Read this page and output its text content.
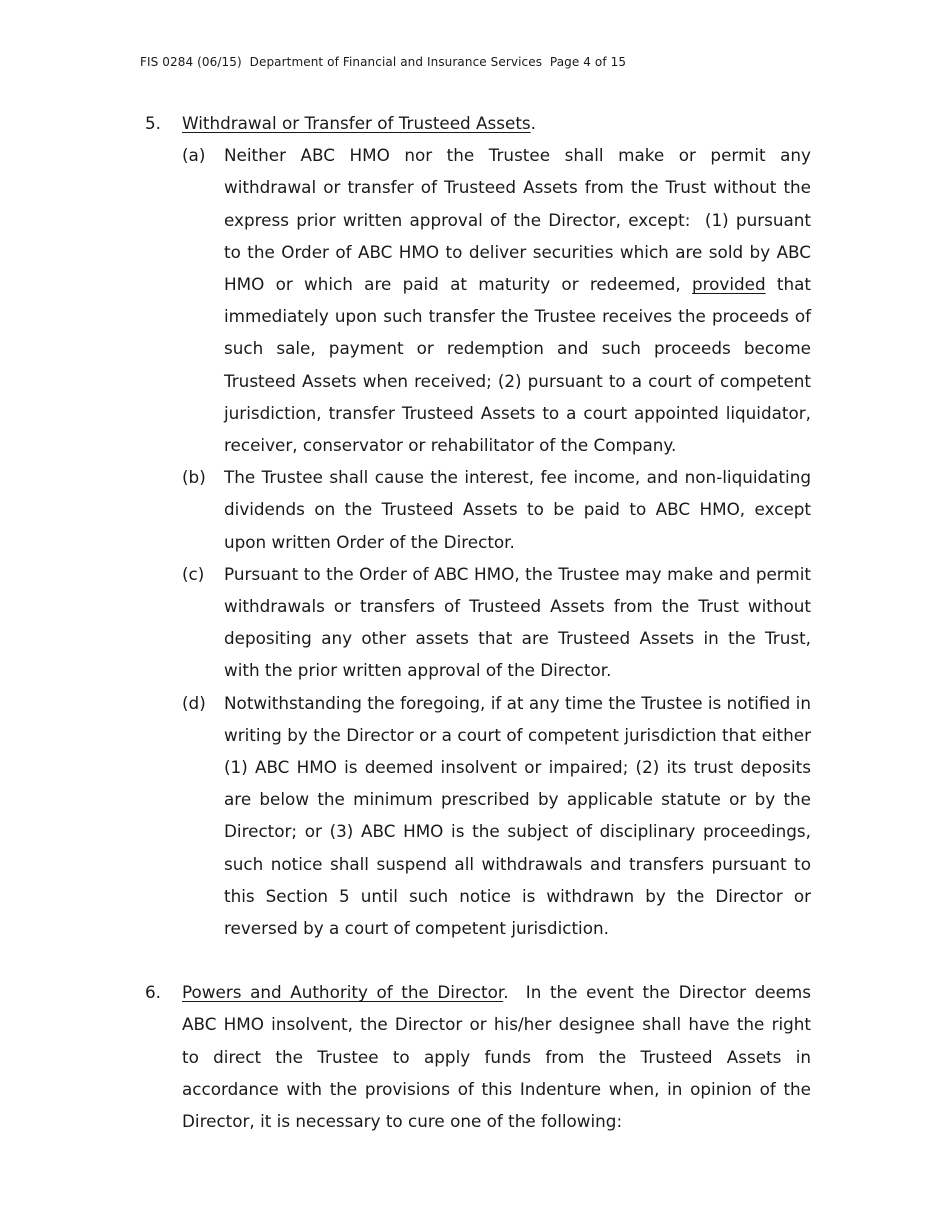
FIS 0284 (06/15) Department of Financial and Insurance Services Page 4 of 15
5. Withdrawal or Transfer of Trusteed Assets.
(a) Neither ABC HMO nor the Trustee shall make or permit any withdrawal or transfer of Trusteed Assets from the Trust without the express prior written approval of the Director, except:  (1) pursuant to the Order of ABC HMO to deliver securities which are sold by ABC HMO or which are paid at maturity or redeemed, provided that immediately upon such transfer the Trustee receives the proceeds of such sale, payment or redemption and such proceeds become Trusteed Assets when received; (2) pursuant to a court of competent jurisdiction, transfer Trusteed Assets to a court appointed liquidator, receiver, conservator or rehabilitator of the Company.
(b) The Trustee shall cause the interest, fee income, and non-liquidating dividends on the Trusteed Assets to be paid to ABC HMO, except upon written Order of the Director.
(c) Pursuant to the Order of ABC HMO, the Trustee may make and permit withdrawals or transfers of Trusteed Assets from the Trust without depositing any other assets that are Trusteed Assets in the Trust, with the prior written approval of the Director.
(d) Notwithstanding the foregoing, if at any time the Trustee is notified in writing by the Director or a court of competent jurisdiction that either (1) ABC HMO is deemed insolvent or impaired; (2) its trust deposits are below the minimum prescribed by applicable statute or by the Director; or (3) ABC HMO is the subject of disciplinary proceedings, such notice shall suspend all withdrawals and transfers pursuant to this Section 5 until such notice is withdrawn by the Director or reversed by a court of competent jurisdiction.
6. Powers and Authority of the Director.  In the event the Director deems ABC HMO insolvent, the Director or his/her designee shall have the right to direct the Trustee to apply funds from the Trusteed Assets in accordance with the provisions of this Indenture when, in opinion of the Director, it is necessary to cure one of the following:
